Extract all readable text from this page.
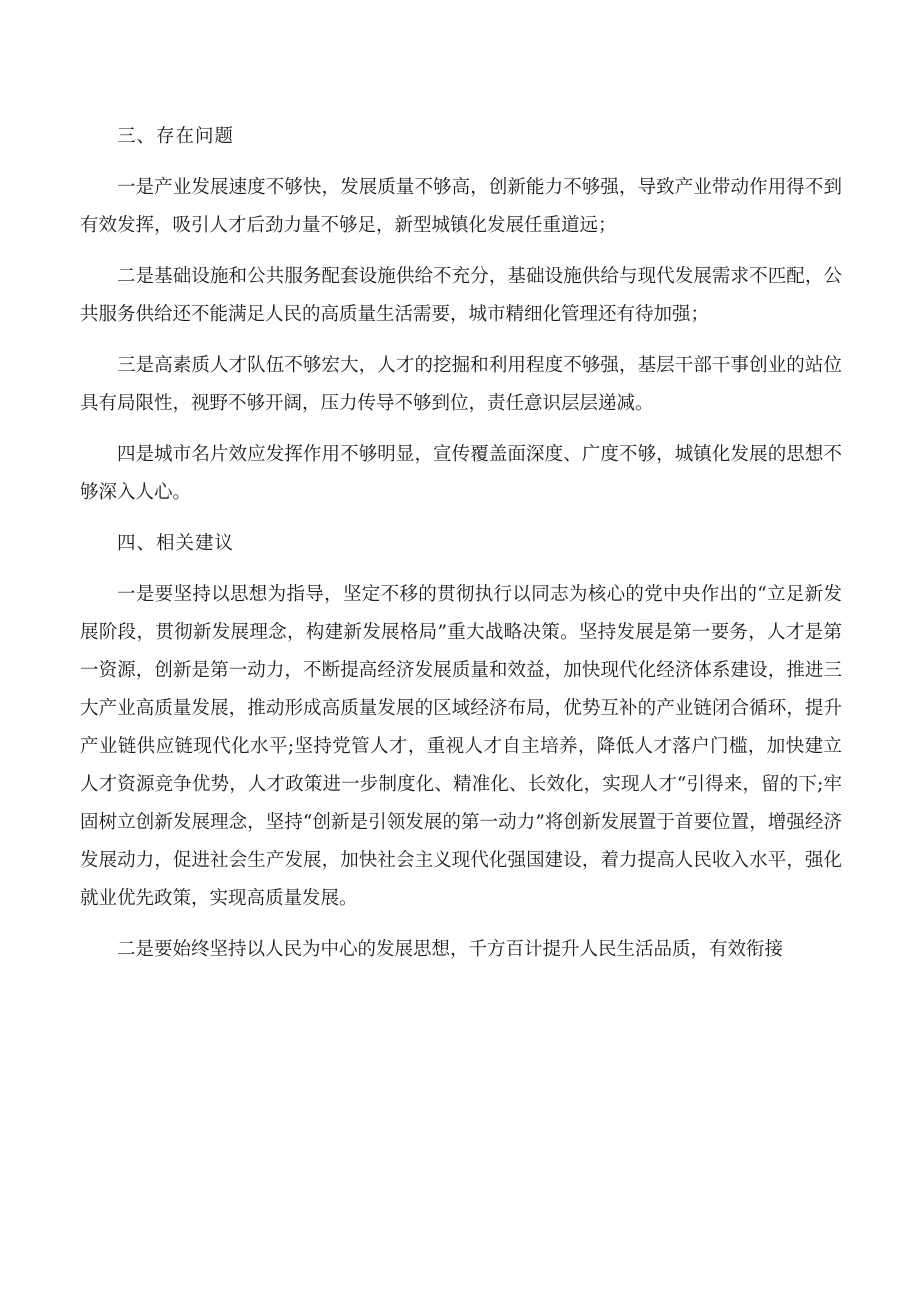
三、存在问题

一是产业发展速度不够快，发展质量不够高，创新能力不够强，导致产业带动作用得不到有效发挥，吸引人才后劲力量不够足，新型城镇化发展任重道远；

二是基础设施和公共服务配套设施供给不充分，基础设施供给与现代发展需求不匹配，公共服务供给还不能满足人民的高质量生活需要，城市精细化管理还有待加强；

三是高素质人才队伍不够宏大，人才的挖掘和利用程度不够强，基层干部干事创业的站位具有局限性，视野不够开阔，压力传导不够到位，责任意识层层递减。

四是城市名片效应发挥作用不够明显，宣传覆盖面深度、广度不够，城镇化发展的思想不够深入人心。

四、相关建议

一是要坚持以思想为指导，坚定不移的贯彻执行以同志为核心的党中央作出的“立足新发展阶段，贯彻新发展理念，构建新发展格局”重大战略决策。坚持发展是第一要务，人才是第一资源，创新是第一动力，不断提高经济发展质量和效益，加快现代化经济体系建设，推进三大产业高质量发展，推动形成高质量发展的区域经济布局，优势互补的产业链闭合循环，提升产业链供应链现代化水平;坚持党管人才，重视人才自主培养，降低人才落户门槛，加快建立人才资源竞争优势，人才政策进一步制度化、精准化、长效化，实现人才“引得来，留的下;牢固树立创新发展理念，坚持“创新是引领发展的第一动力”将创新发展置于首要位置，增强经济发展动力，促进社会生产发展，加快社会主义现代化强国建设，着力提高人民收入水平，强化就业优先政策，实现高质量发展。

二是要始终坚持以人民为中心的发展思想，千方百计提升人民生活品质，有效衔接
